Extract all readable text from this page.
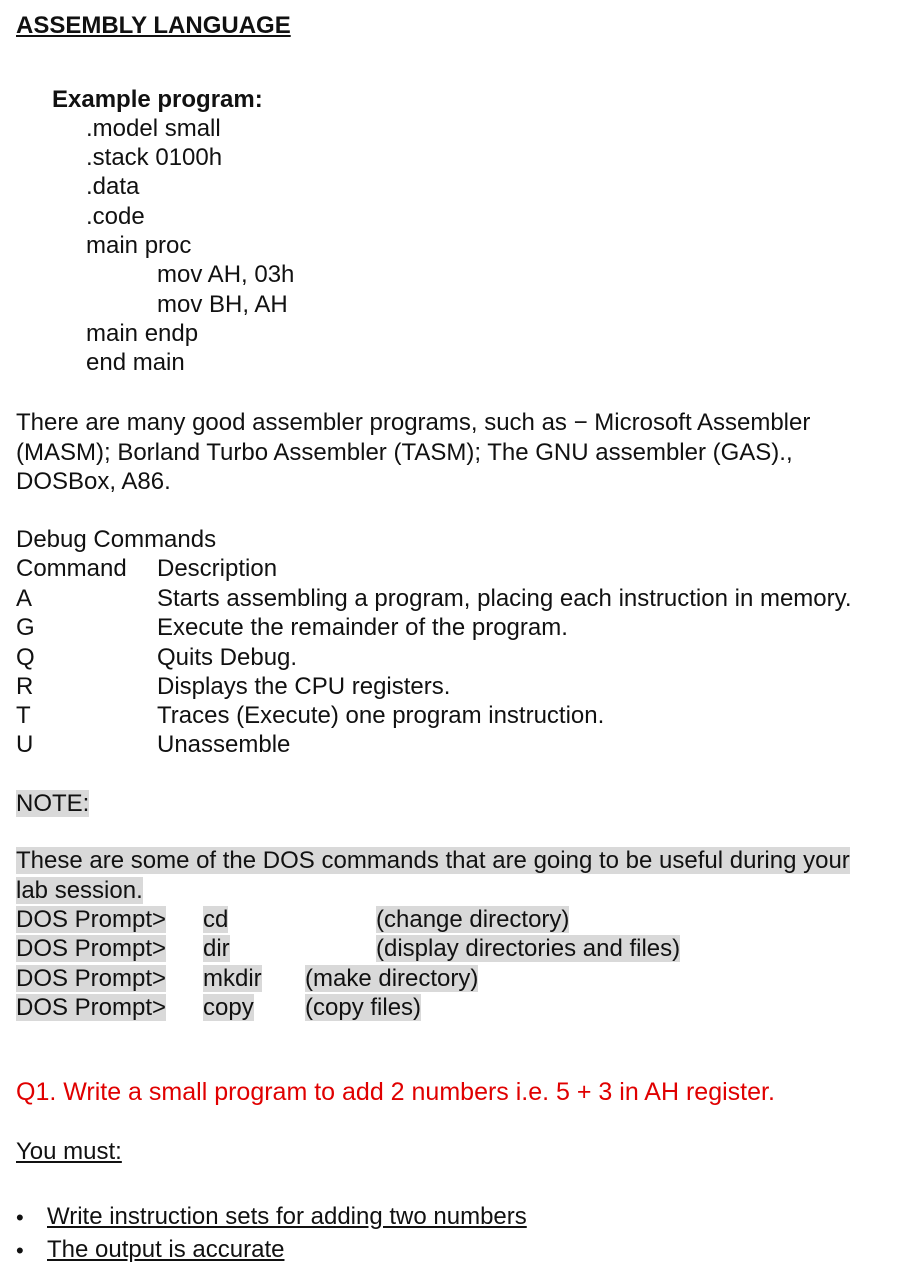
ASSEMBLY LANGUAGE
Example program:
.model small
.stack 0100h
.data
.code
main proc
mov AH, 03h
mov BH, AH
main endp
end main
There are many good assembler programs, such as − Microsoft Assembler (MASM); Borland Turbo Assembler (TASM); The GNU assembler (GAS)., DOSBox, A86.
Debug Commands
Command Description
A	Starts assembling a program, placing each instruction in memory.
G	Execute the remainder of the program.
Q	Quits Debug.
R	Displays the CPU registers.
T	Traces (Execute) one program instruction.
U	Unassemble
NOTE:
These are some of the DOS commands that are going to be useful during your lab session.
DOS Prompt> cd	(change directory)
DOS Prompt> dir	(display directories and files)
DOS Prompt> mkdir (make directory)
DOS Prompt> copy (copy files)
Q1. Write a small program to add 2 numbers i.e. 5 + 3 in AH register.
You must:
• Write instruction sets for adding two numbers
• The output is accurate
